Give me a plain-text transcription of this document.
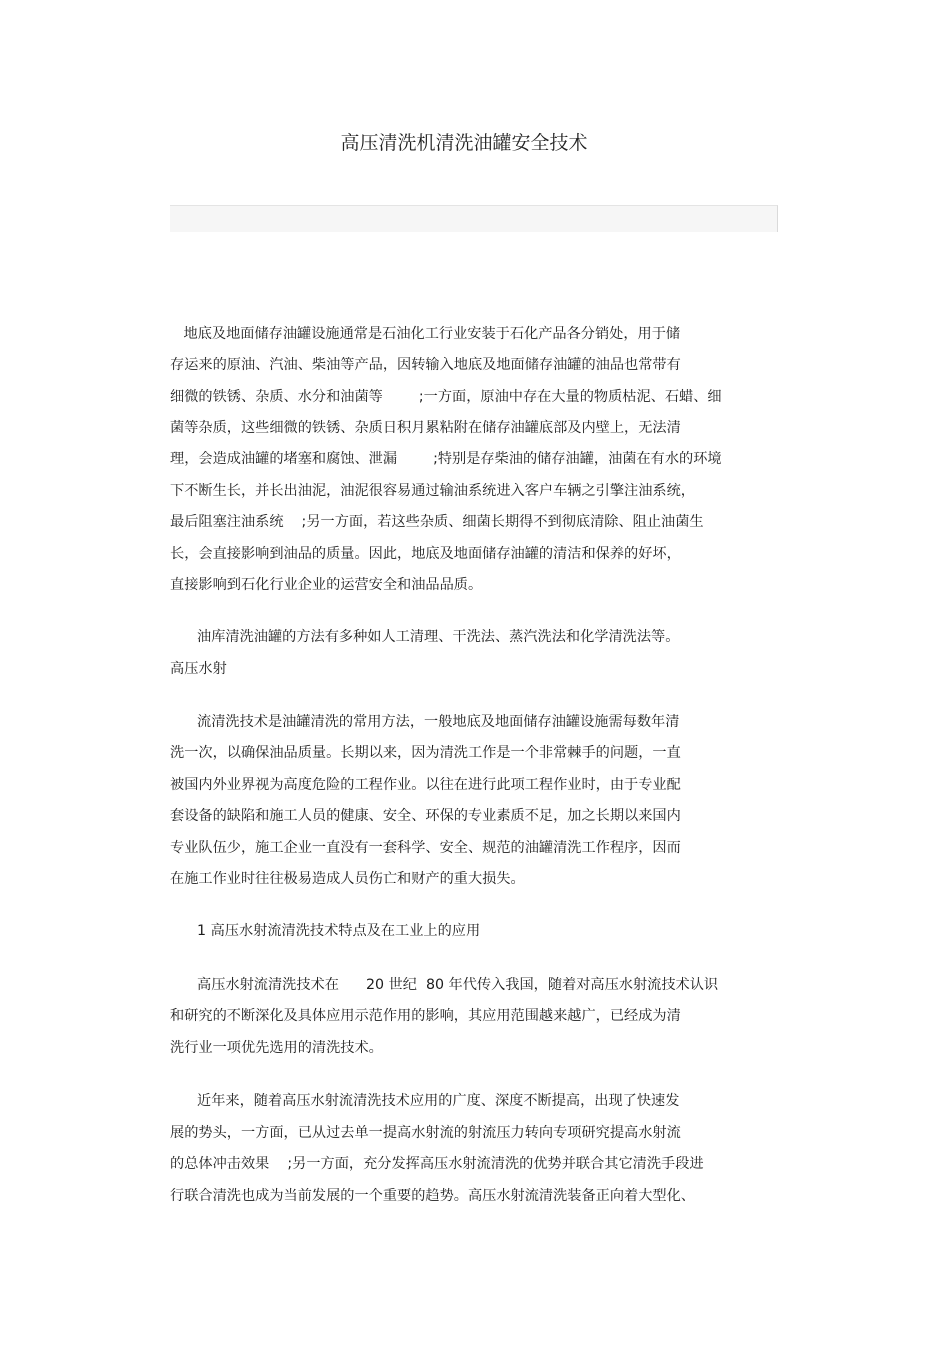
高压清洗机清洗油罐安全技术
地底及地面储存油罐设施通常是石油化工行业安装于石化产品各分销处，用于储
存运来的原油、汽油、柴油等产品，因转输入地底及地面储存油罐的油品也常带有
细微的铁锈、杂质、水分和油菌等        ;一方面，原油中存在大量的物质枯泥、石蜡、细
菌等杂质，这些细微的铁锈、杂质日积月累粘附在储存油罐底部及内壁上，无法清
理，会造成油罐的堵塞和腐蚀、泄漏        ;特别是存柴油的储存油罐，油菌在有水的环境
下不断生长，并长出油泥，油泥很容易通过输油系统进入客户车辆之引擎注油系统，
最后阻塞注油系统    ;另一方面，若这些杂质、细菌长期得不到彻底清除、阻止油菌生
长，会直接影响到油品的质量。因此，地底及地面储存油罐的清洁和保养的好坏，
直接影响到石化行业企业的运营安全和油品品质。
油库清洗油罐的方法有多种如人工清理、干洗法、蒸汽洗法和化学清洗法等。
高压水射
流清洗技术是油罐清洗的常用方法，一般地底及地面储存油罐设施需每数年清
洗一次，以确保油品质量。长期以来，因为清洗工作是一个非常棘手的问题，一直
被国内外业界视为高度危险的工程作业。以往在进行此项工程作业时，由于专业配
套设备的缺陷和施工人员的健康、安全、环保的专业素质不足，加之长期以来国内
专业队伍少，施工企业一直没有一套科学、安全、规范的油罐清洗工作程序，因而
在施工作业时往往极易造成人员伤亡和财产的重大损失。
1 高压水射流清洗技术特点及在工业上的应用
高压水射流清洗技术在      20 世纪  80 年代传入我国，随着对高压水射流技术认识
和研究的不断深化及具体应用示范作用的影响，其应用范围越来越广，已经成为清
洗行业一项优先选用的清洗技术。
近年来，随着高压水射流清洗技术应用的广度、深度不断提高，出现了快速发
展的势头，一方面，已从过去单一提高水射流的射流压力转向专项研究提高水射流
的总体冲击效果    ;另一方面，充分发挥高压水射流清洗的优势并联合其它清洗手段进
行联合清洗也成为当前发展的一个重要的趋势。高压水射流清洗装备正向着大型化、
